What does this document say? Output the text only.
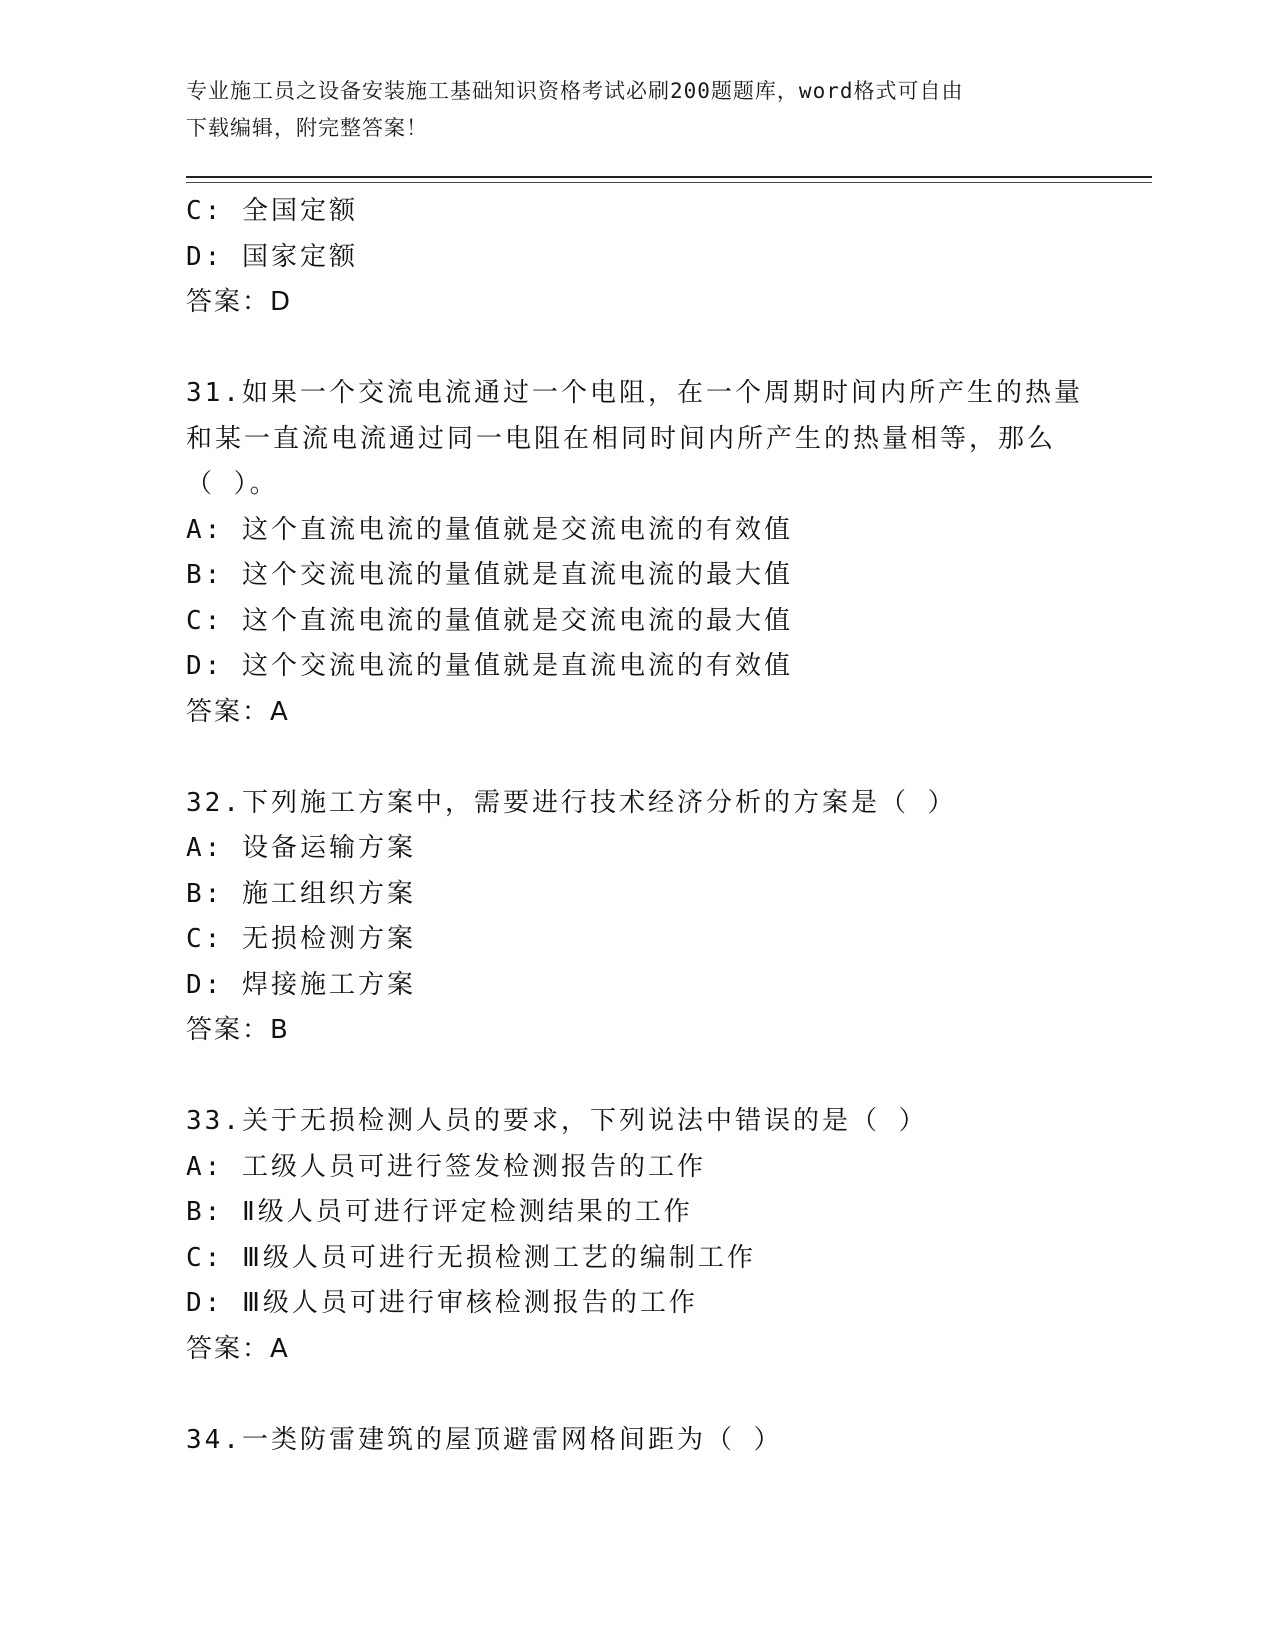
专业施工员之设备安装施工基础知识资格考试必刷200题题库，word格式可自由
下载编辑，附完整答案！
C: 全国定额
D: 国家定额
答案：D
31.如果一个交流电流通过一个电阻，在一个周期时间内所产生的热量
和某一直流电流通过同一电阻在相同时间内所产生的热量相等，那么
（ ）。
A: 这个直流电流的量值就是交流电流的有效值
B: 这个交流电流的量值就是直流电流的最大值
C: 这个直流电流的量值就是交流电流的最大值
D: 这个交流电流的量值就是直流电流的有效值
答案：A
32.下列施工方案中，需要进行技术经济分析的方案是（ ）
A: 设备运输方案
B: 施工组织方案
C: 无损检测方案
D: 焊接施工方案
答案：B
33.关于无损检测人员的要求，下列说法中错误的是（ ）
A: 工级人员可进行签发检测报告的工作
B: Ⅱ级人员可进行评定检测结果的工作
C: Ⅲ级人员可进行无损检测工艺的编制工作
D: Ⅲ级人员可进行审核检测报告的工作
答案：A
34.一类防雷建筑的屋顶避雷网格间距为（ ）
